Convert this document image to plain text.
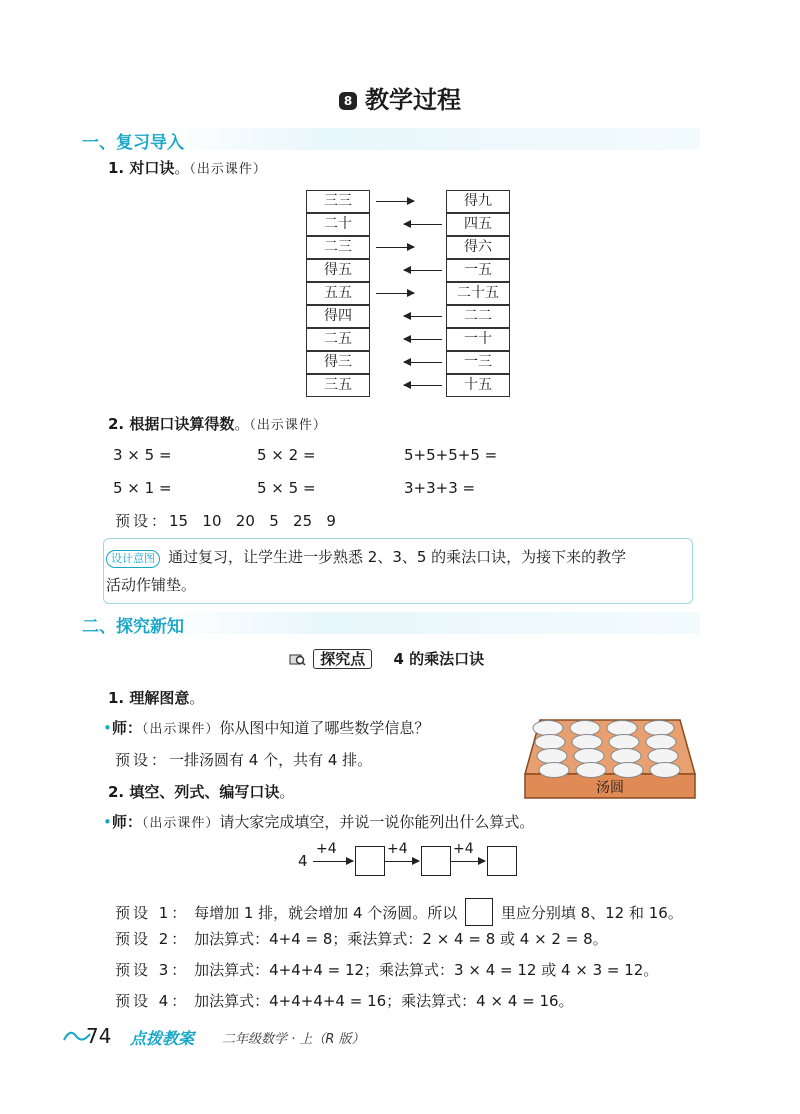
8 教学过程
一、复习导入
1. 对口诀。（出示课件）
三三	得九
二十	四五
二三	得六
得五	一五
五五	二十五
得四	二二
二五	一十
得三	一三
三五	十五
2. 根据口诀算得数。（出示课件）
3 × 5 =	5 × 2 =	5+5+5+5 =
5 × 1 =	5 × 5 =	3+3+3 =
预设：15   10   20   5   25   9
设计意图 通过复习，让学生进一步熟悉 2、3、5 的乘法口诀，为接下来的教学
活动作铺垫。
二、探究新知
探究点 4 的乘法口诀
1. 理解图意。
•师：（出示课件）你从图中知道了哪些数学信息？
预设：一排汤圆有 4 个，共有 4 排。
汤圆
2. 填空、列式、编写口诀。
•师：（出示课件）请大家完成填空，并说一说你能列出什么算式。
4
+4	+4	+4
预设 1： 每增加 1 排，就会增加 4 个汤圆。所以	里应分别填 8、12 和 16。
预设 2： 加法算式：4+4 = 8；乘法算式：2 × 4 = 8 或 4 × 2 = 8。
预设 3： 加法算式：4+4+4 = 12；乘法算式：3 × 4 = 12 或 4 × 3 = 12。
预设 4： 加法算式：4+4+4+4 = 16；乘法算式：4 × 4 = 16。
74 点拨教案 二年级数学 · 上（R 版）
